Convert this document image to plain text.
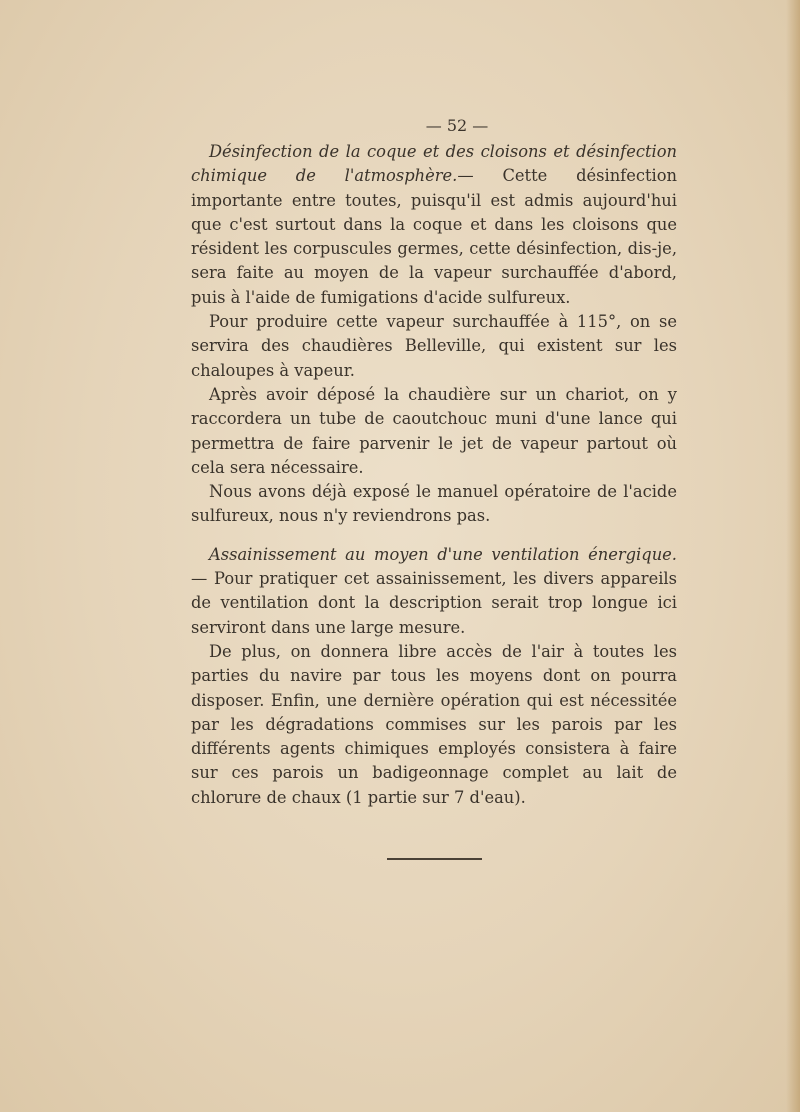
— 52 —

Désinfection de la coque et des cloisons et désinfection chimique de l'atmosphère.— Cette désinfection importante entre toutes, puisqu'il est admis aujourd'hui que c'est surtout dans la coque et dans les cloisons que résident les corpuscules germes, cette désinfection, dis-je, sera faite au moyen de la vapeur surchauffée d'abord, puis à l'aide de fumigations d'acide sulfureux.

Pour produire cette vapeur surchauffée à 115°, on se servira des chaudières Belleville, qui existent sur les chaloupes à vapeur.

Après avoir déposé la chaudière sur un chariot, on y raccordera un tube de caoutchouc muni d'une lance qui permettra de faire parvenir le jet de vapeur partout où cela sera nécessaire.

Nous avons déjà exposé le manuel opératoire de l'acide sulfureux, nous n'y reviendrons pas.

Assainissement au moyen d'une ventilation énergique. — Pour pratiquer cet assainissement, les divers appareils de ventilation dont la description serait trop longue ici serviront dans une large mesure.

De plus, on donnera libre accès de l'air à toutes les parties du navire par tous les moyens dont on pourra disposer. Enfin, une dernière opération qui est nécessitée par les dégradations commises sur les parois par les différents agents chimiques employés consistera à faire sur ces parois un badigeonnage complet au lait de chlorure de chaux (1 partie sur 7 d'eau).
